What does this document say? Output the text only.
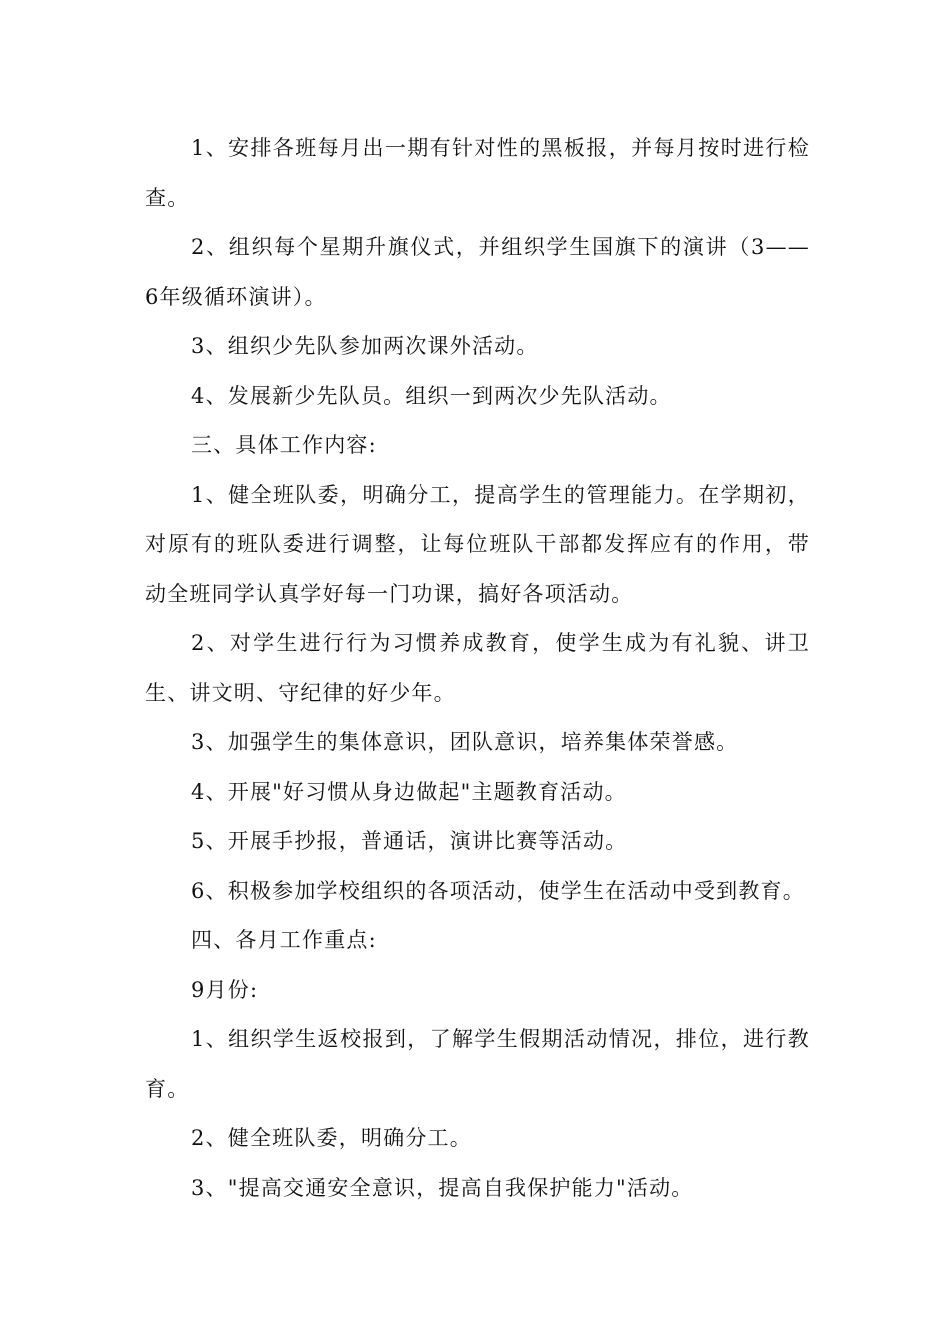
1、安排各班每月出一期有针对性的黑板报，并每月按时进行检查。

2、组织每个星期升旗仪式，并组织学生国旗下的演讲（3——6年级循环演讲）。

3、组织少先队参加两次课外活动。

4、发展新少先队员。组织一到两次少先队活动。

三、具体工作内容:

1、健全班队委，明确分工，提高学生的管理能力。在学期初，对原有的班队委进行调整，让每位班队干部都发挥应有的作用，带动全班同学认真学好每一门功课，搞好各项活动。

2、对学生进行行为习惯养成教育，使学生成为有礼貌、讲卫生、讲文明、守纪律的好少年。

3、加强学生的集体意识，团队意识，培养集体荣誉感。

4、开展"好习惯从身边做起"主题教育活动。

5、开展手抄报，普通话，演讲比赛等活动。

6、积极参加学校组织的各项活动，使学生在活动中受到教育。

四、各月工作重点:

9月份:

1、组织学生返校报到，了解学生假期活动情况，排位，进行教育。

2、健全班队委，明确分工。

3、"提高交通安全意识，提高自我保护能力"活动。
